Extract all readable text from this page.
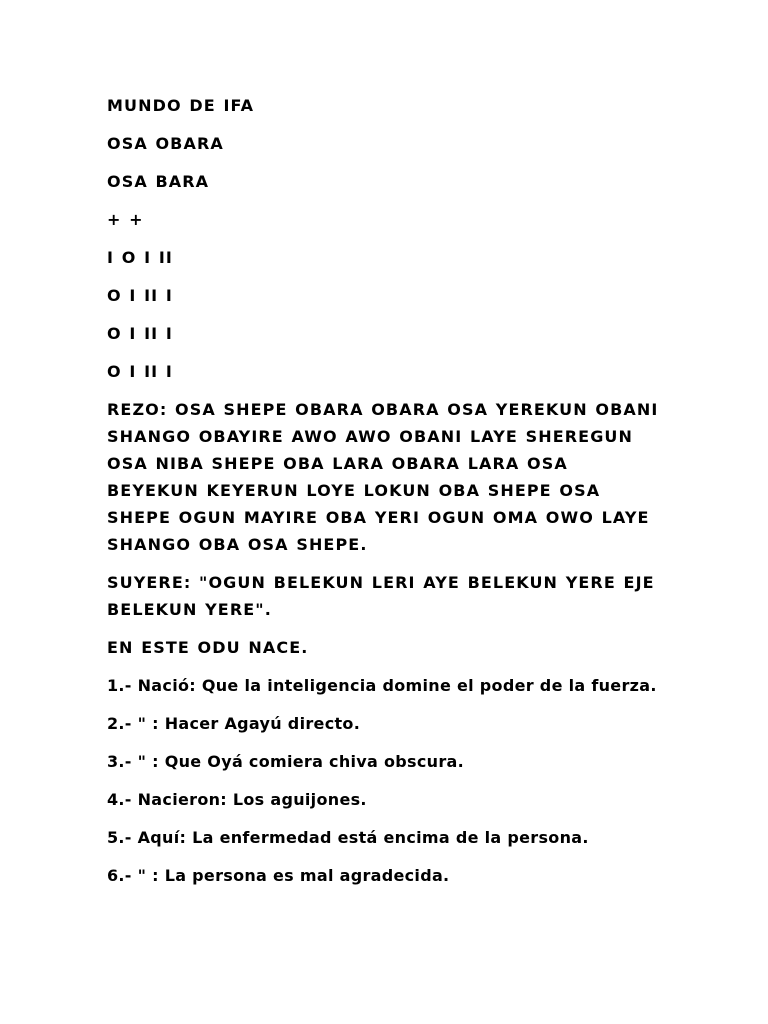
MUNDO DE IFA

OSA OBARA

OSA BARA

+ +

I O I II

O I II I

O I II I

O I II I

REZO: OSA SHEPE OBARA OBARA OSA YEREKUN OBANI SHANGO OBAYIRE AWO AWO OBANI LAYE SHEREGUN OSA NIBA SHEPE OBA LARA OBARA LARA OSA BEYEKUN KEYERUN LOYE LOKUN OBA SHEPE OSA SHEPE OGUN MAYIRE OBA YERI OGUN OMA OWO LAYE SHANGO OBA OSA SHEPE.

SUYERE: "OGUN BELEKUN LERI AYE BELEKUN YERE EJE BELEKUN YERE".

EN ESTE ODU NACE.

1.- Nació: Que la inteligencia domine el poder de la fuerza.

2.- " : Hacer Agayú directo.

3.- " : Que Oyá comiera chiva obscura.

4.- Nacieron: Los aguijones.

5.- Aquí: La enfermedad está encima de la persona.

6.- " : La persona es mal agradecida.
